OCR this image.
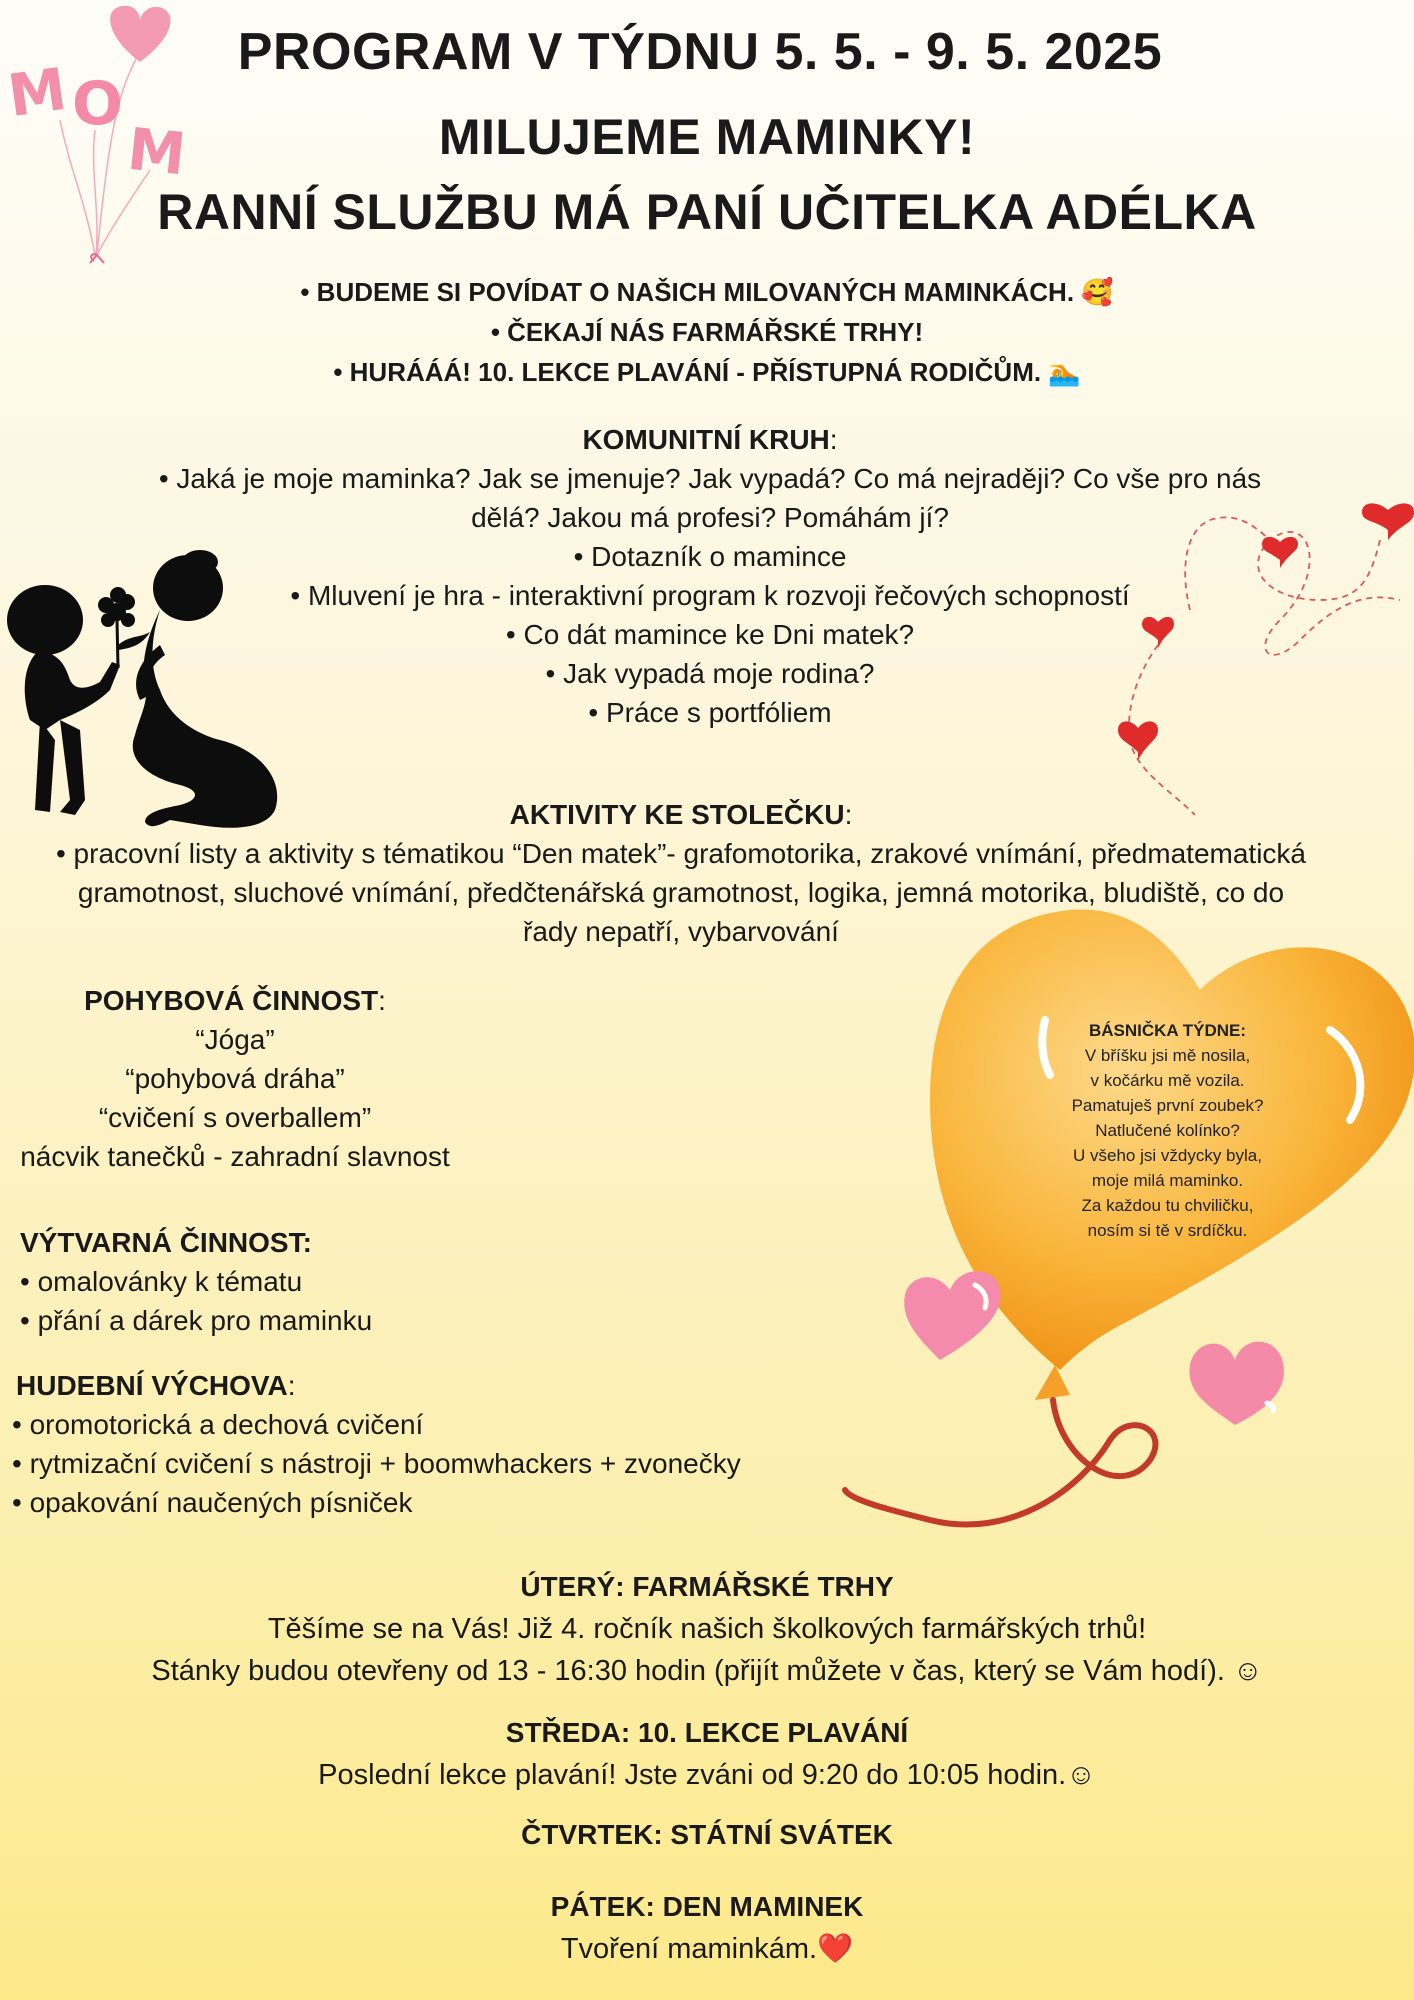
M O
M
PROGRAM V TÝDNU 5. 5. - 9. 5. 2025
MILUJEME MAMINKY!
RANNÍ SLUŽBU MÁ PANÍ UČITELKA ADÉLKA
• BUDEME SI POVÍDAT O NAŠICH MILOVANÝCH MAMINKÁCH. 🥰
• ČEKAJÍ NÁS FARMÁŘSKÉ TRHY!
• HURÁÁÁ! 10. LEKCE PLAVÁNÍ - PŘÍSTUPNÁ RODIČŮM. 🏊
KOMUNITNÍ KRUH:
• Jaká je moje maminka? Jak se jmenuje? Jak vypadá? Co má nejraději? Co vše pro nás
dělá? Jakou má profesi? Pomáhám jí?
• Dotazník o mamince
• Mluvení je hra - interaktivní program k rozvoji řečových schopností
• Co dát mamince ke Dni matek?
• Jak vypadá moje rodina?
• Práce s portfóliem
AKTIVITY KE STOLEČKU:
• pracovní listy a aktivity s tématikou “Den matek”- grafomotorika, zrakové vnímání, předmatematická
gramotnost, sluchové vnímání, předčtenářská gramotnost, logika, jemná motorika, bludiště, co do
řady nepatří, vybarvování
POHYBOVÁ ČINNOST:
“Jóga”
“pohybová dráha”
“cvičení s overballem”
nácvik tanečků - zahradní slavnost
VÝTVARNÁ ČINNOST:
• omalovánky k tématu
• přání a dárek pro maminku
HUDEBNÍ VÝCHOVA:
• oromotorická a dechová cvičení
• rytmizační cvičení s nástroji + boomwhackers + zvonečky
• opakování naučených písniček
BÁSNIČKA TÝDNE:
V bříšku jsi mě nosila,
v kočárku mě vozila.
Pamatuješ první zoubek?
Natlučené kolínko?
U všeho jsi vždycky byla,
moje milá maminko.
Za každou tu chviličku,
nosím si tě v srdíčku.
ÚTERÝ: FARMÁŘSKÉ TRHY
Těšíme se na Vás! Již 4. ročník našich školkových farmářských trhů!
Stánky budou otevřeny od 13 - 16:30 hodin (přijít můžete v čas, který se Vám hodí). ☺
STŘEDA: 10. LEKCE PLAVÁNÍ
Poslední lekce plavání! Jste zváni od 9:20 do 10:05 hodin.☺
ČTVRTEK: STÁTNÍ SVÁTEK
PÁTEK: DEN MAMINEK
Tvoření maminkám.❤️
